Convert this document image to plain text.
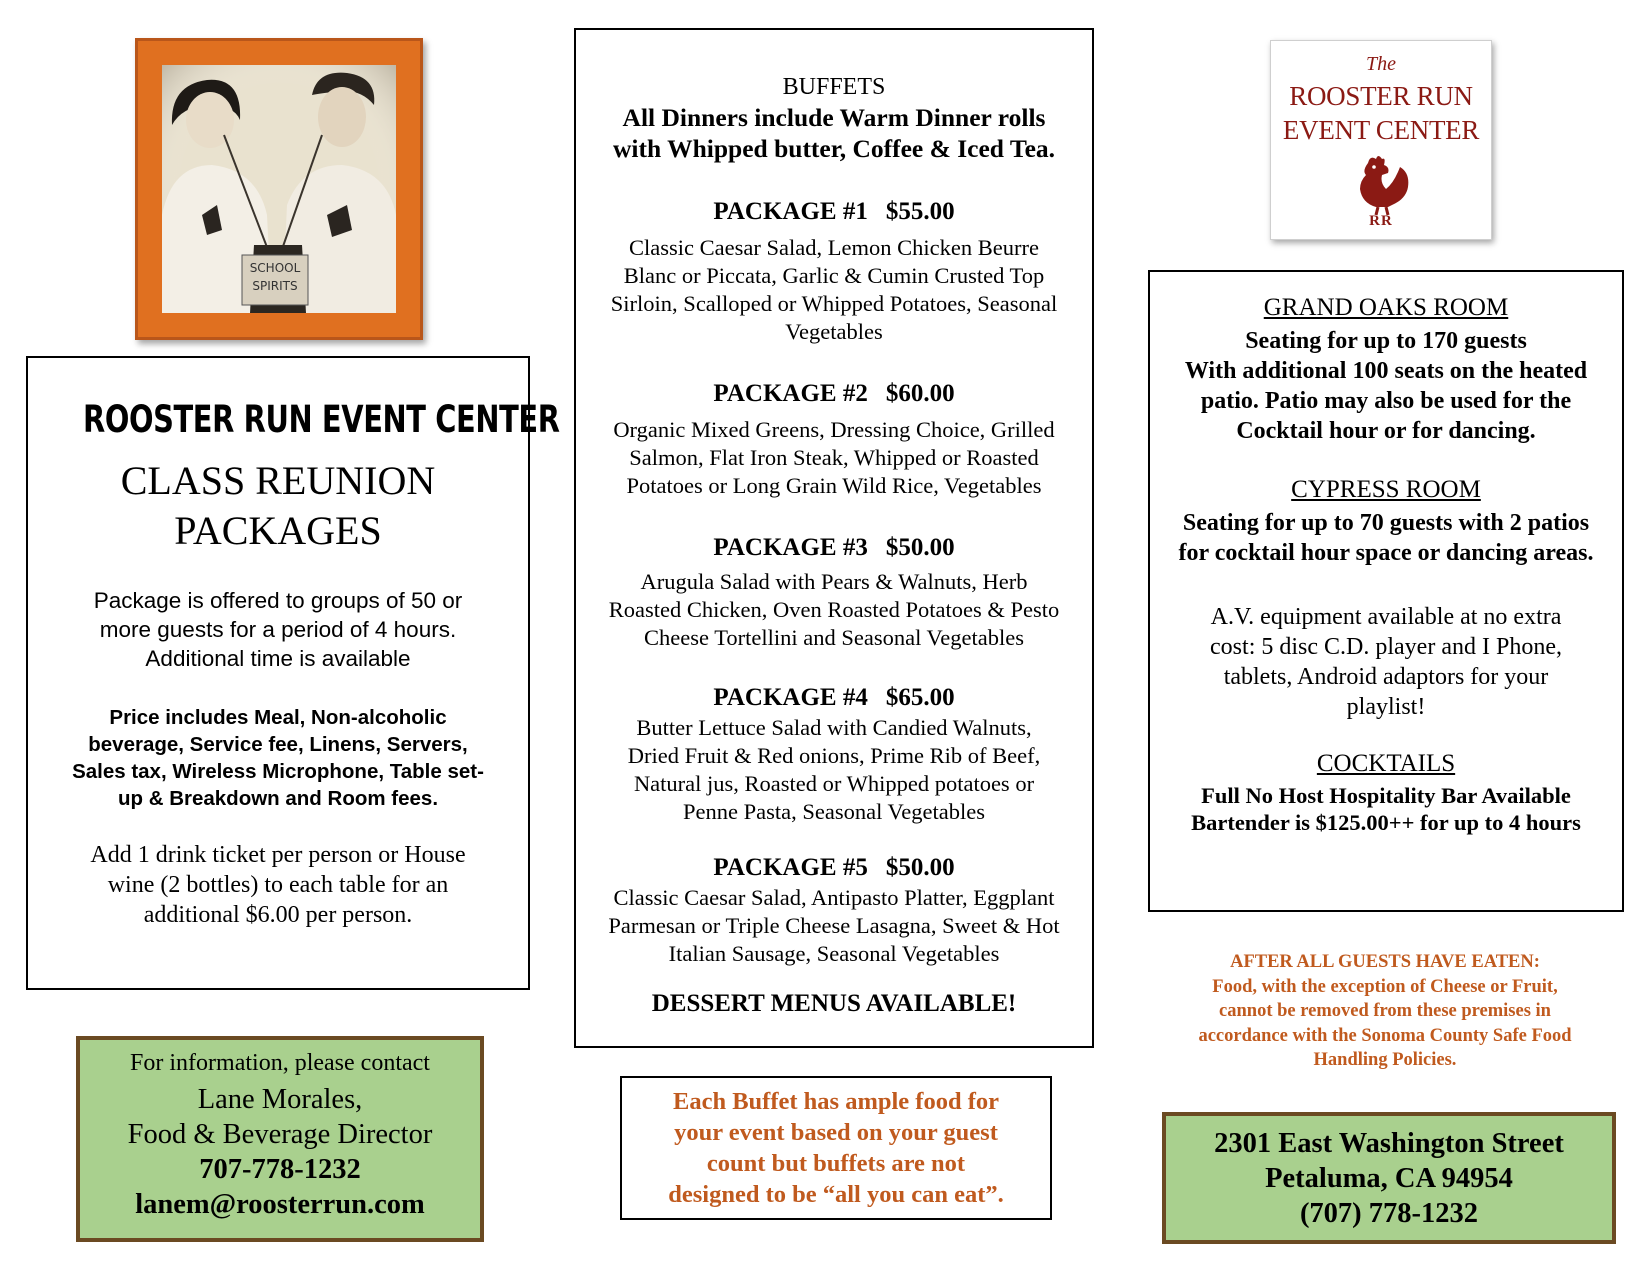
SCHOOL
SPIRITS
ROOSTER RUN EVENT CENTER
CLASS REUNION
PACKAGES
Package is offered to groups of 50 or
more guests for a period of 4 hours.
Additional time is available
Price includes Meal, Non-alcoholic
beverage, Service fee, Linens, Servers,
Sales tax, Wireless Microphone, Table set-
up & Breakdown and Room fees.
Add 1 drink ticket per person or House
wine (2 bottles) to each table for an
additional $6.00 per person.
For information, please contact
Lane Morales,
Food & Beverage Director
707-778-1232
lanem@roosterrun.com
BUFFETS
All Dinners include Warm Dinner rolls
with Whipped butter, Coffee & Iced Tea.
PACKAGE #1 $55.00
Classic Caesar Salad, Lemon Chicken Beurre
Blanc or Piccata, Garlic & Cumin Crusted Top
Sirloin, Scalloped or Whipped Potatoes, Seasonal
Vegetables
PACKAGE #2 $60.00
Organic Mixed Greens, Dressing Choice, Grilled
Salmon, Flat Iron Steak, Whipped or Roasted
Potatoes or Long Grain Wild Rice, Vegetables
PACKAGE #3 $50.00
Arugula Salad with Pears & Walnuts, Herb
Roasted Chicken, Oven Roasted Potatoes & Pesto
Cheese Tortellini and Seasonal Vegetables
PACKAGE #4 $65.00
Butter Lettuce Salad with Candied Walnuts,
Dried Fruit & Red onions, Prime Rib of Beef,
Natural jus, Roasted or Whipped potatoes or
Penne Pasta, Seasonal Vegetables
PACKAGE #5 $50.00
Classic Caesar Salad, Antipasto Platter, Eggplant
Parmesan or Triple Cheese Lasagna, Sweet & Hot
Italian Sausage, Seasonal Vegetables
DESSERT MENUS AVAILABLE!
Each Buffet has ample food for
your event based on your guest
count but buffets are not
designed to be “all you can eat”.
The
ROOSTER RUN
EVENT CENTER
RR
GRAND OAKS ROOM
Seating for up to 170 guests
With additional 100 seats on the heated
patio. Patio may also be used for the
Cocktail hour or for dancing.
CYPRESS ROOM
Seating for up to 70 guests with 2 patios
for cocktail hour space or dancing areas.
A.V. equipment available at no extra
cost: 5 disc C.D. player and I Phone,
tablets, Android adaptors for your
playlist!
COCKTAILS
Full No Host Hospitality Bar Available
Bartender is $125.00++ for up to 4 hours
AFTER ALL GUESTS HAVE EATEN:
Food, with the exception of Cheese or Fruit,
cannot be removed from these premises in
accordance with the Sonoma County Safe Food
Handling Policies.
2301 East Washington Street
Petaluma, CA 94954
(707) 778-1232
